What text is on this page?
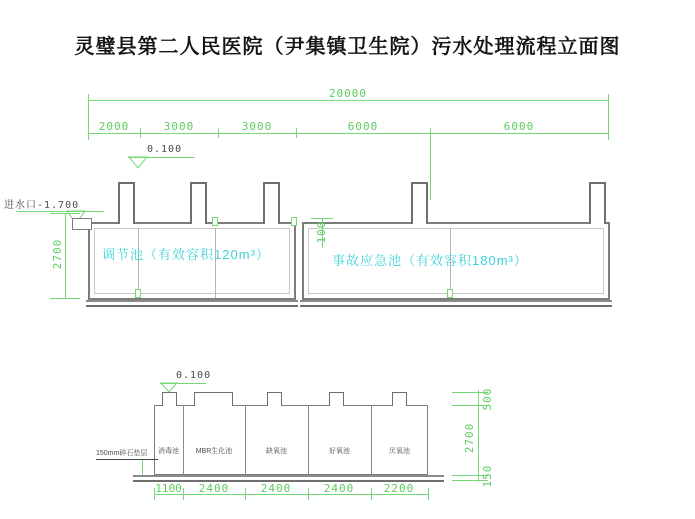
灵璧县第二人民医院（尹集镇卫生院）污水处理流程立面图
20000
2000	3000	3000	6000	6000
0.100
进水口-1.700
2700	调节池（有效容积120m³）	事故应急池（有效容积180m³）
100
0.100
消毒池	MBR生化池	缺氧池	好氧池	厌氧池
150mm碎石垫层
1100	2400	2400	2400	2200
500
2700
150
